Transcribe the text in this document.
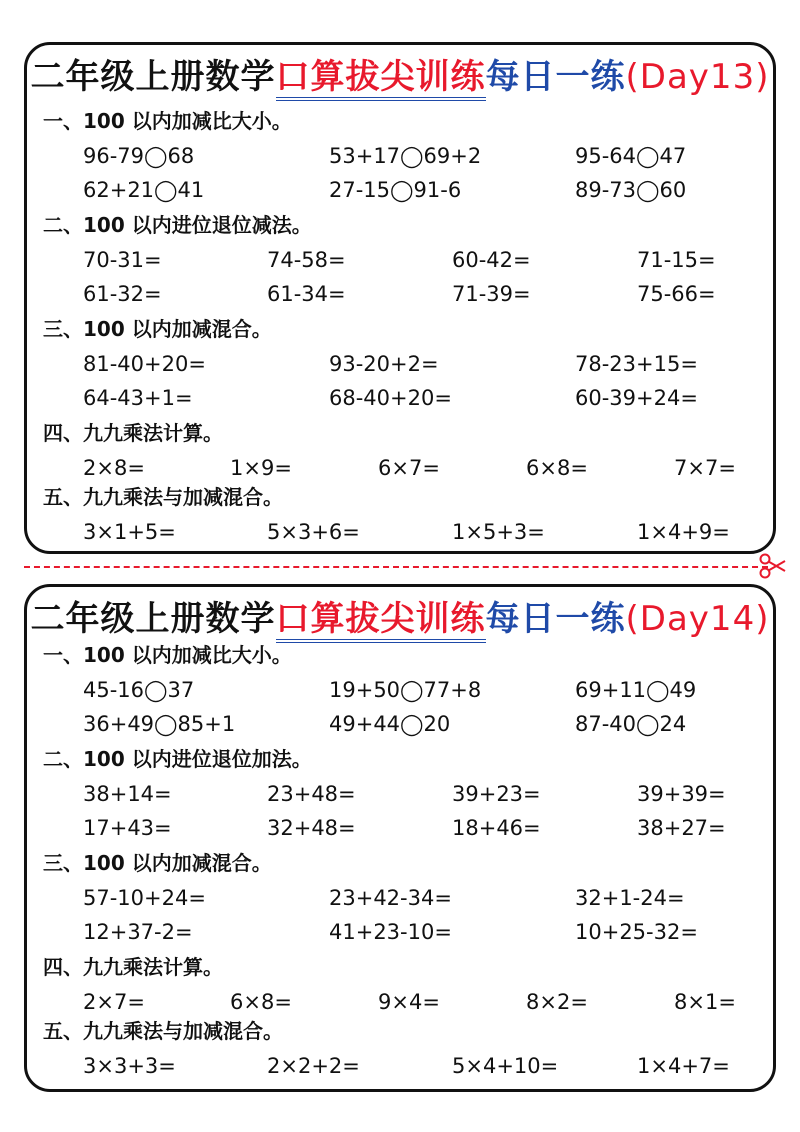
二年级上册数学口算拔尖训练每日一练(Day13)
一、100 以内加减比大小。
96-79◯68	53+17◯69+2	95-64◯47
62+21◯41	27-15◯91-6	89-73◯60
二、100 以内进位退位减法。
70-31=	74-58=	60-42=	71-15=
61-32=	61-34=	71-39=	75-66=
三、100 以内加减混合。
81-40+20=	93-20+2=	78-23+15=
64-43+1=	68-40+20=	60-39+24=
四、九九乘法计算。
2×8=	1×9=	6×7=	6×8=	7×7=
五、九九乘法与加减混合。
3×1+5=	5×3+6=	1×5+3=	1×4+9=
二年级上册数学口算拔尖训练每日一练(Day14)
一、100 以内加减比大小。
45-16◯37	19+50◯77+8	69+11◯49
36+49◯85+1	49+44◯20	87-40◯24
二、100 以内进位退位加法。
38+14=	23+48=	39+23=	39+39=
17+43=	32+48=	18+46=	38+27=
三、100 以内加减混合。
57-10+24=	23+42-34=	32+1-24=
12+37-2=	41+23-10=	10+25-32=
四、九九乘法计算。
2×7=	6×8=	9×4=	8×2=	8×1=
五、九九乘法与加减混合。
3×3+3=	2×2+2=	5×4+10=	1×4+7=
